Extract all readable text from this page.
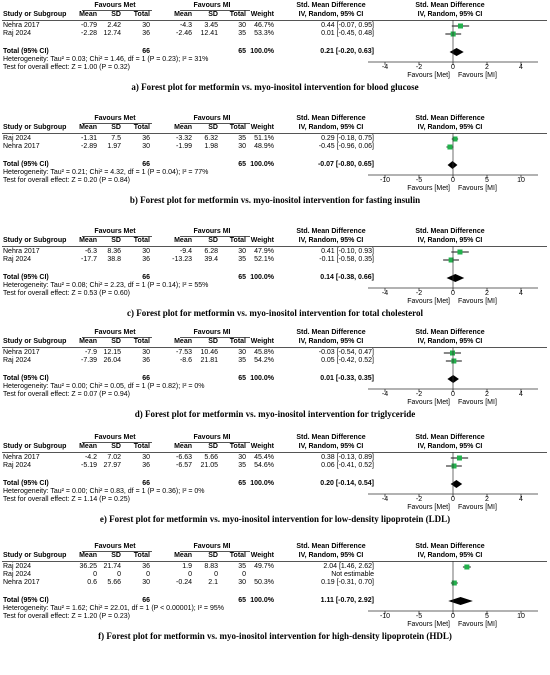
Favours Met	Favours MI	Std. Mean Difference	Std. Mean Difference
Study or Subgroup	Mean	SD	Total	Mean	SD	Total Weight	IV, Random, 95% CI	IV, Random, 95% CI
Nehra 2017	-0.79	2.42	30	-4.3	3.45	30	46.7%	0.44 [-0.07, 0.95]
Raj 2024	-2.28 12.74	36	-2.46	12.41	35	53.3%	0.01 [-0.45, 0.48]
Total (95% CI)	66	65 100.0%	0.21 [-0.20, 0.63]
Heterogeneity: Tau² = 0.03; Chi² = 1.46, df = 1 (P = 0.23); I² = 31%
Test for overall effect: Z = 1.00 (P = 0.32)	-4	-2	0	2	4
Favours [Met] Favours [MI]
a) Forest plot for metformin vs. myo-inositol intervention for blood glucose
Favours Met	Favours MI	Std. Mean Difference	Std. Mean Difference
Study or Subgroup	Mean	SD	Total	Mean	SD	Total Weight	IV, Random, 95% CI	IV, Random, 95% CI
Raj 2024	-1.31	7.5	36	-3.32	6.32	35	51.1%	0.29 [-0.18, 0.75]
Nehra 2017	-2.89	1.97	30	-1.99	1.98	30	48.9%	-0.45 [-0.96, 0.06]
Total (95% CI)	66	65 100.0%	-0.07 [-0.80, 0.65]
Heterogeneity: Tau² = 0.21; Chi² = 4.32, df = 1 (P = 0.04); I² = 77%
Test for overall effect: Z = 0.20 (P = 0.84)	-10	-5	0	5	10
Favours [Met] Favours [MI]
b) Forest plot for metformin vs. myo-inositol intervention for fasting insulin
Favours Met	Favours MI	Std. Mean Difference	Std. Mean Difference
Study or Subgroup	Mean	SD	Total	Mean	SD	Total Weight	IV, Random, 95% CI	IV, Random, 95% CI
Nehra 2017	-6.3	8.36	30	-9.4	6.28	30	47.9%	0.41 [-0.10, 0.93]
Raj 2024	-17.7	38.8	36	-13.23	39.4	35	52.1%	-0.11 [-0.58, 0.35]
Total (95% CI)	66	65 100.0%	0.14 [-0.38, 0.66]
Heterogeneity: Tau² = 0.08; Chi² = 2.23, df = 1 (P = 0.14); I² = 55%
Test for overall effect: Z = 0.53 (P = 0.60)	-4	-2	0	2	4
Favours [Met] Favours [MI]
c) Forest plot for metformin vs. myo-inositol intervention for total cholesterol
Favours Met	Favours MI	Std. Mean Difference	Std. Mean Difference
Study or Subgroup	Mean	SD	Total	Mean	SD	Total Weight	IV, Random, 95% CI	IV, Random, 95% CI
Nehra 2017	-7.9 12.15	30	-7.53	10.46	30	45.8%	-0.03 [-0.54, 0.47]
Raj 2024	-7.39 26.04	36	-8.6	21.81	35	54.2%	0.05 [-0.42, 0.52]
Total (95% CI)	66	65 100.0%	0.01 [-0.33, 0.35]
Heterogeneity: Tau² = 0.00; Chi² = 0.05, df = 1 (P = 0.82); I² = 0%
Test for overall effect: Z = 0.07 (P = 0.94)	-4	-2	0	2	4
Favours [Met] Favours [MI]
d) Forest plot for metformin vs. myo-inositol intervention for triglyceride
Favours Met	Favours MI	Std. Mean Difference	Std. Mean Difference
Study or Subgroup	Mean	SD	Total	Mean	SD	Total Weight	IV, Random, 95% CI	IV, Random, 95% CI
Nehra 2017	-4.2	7.02	30	-6.63	5.66	30	45.4%	0.38 [-0.13, 0.89]
Raj 2024	-5.19 27.97	36	-6.57	21.05	35	54.6%	0.06 [-0.41, 0.52]
Total (95% CI)	66	65 100.0%	0.20 [-0.14, 0.54]
Heterogeneity: Tau² = 0.00; Chi² = 0.83, df = 1 (P = 0.36); I² = 0%
Test for overall effect: Z = 1.14 (P = 0.25)	-4	-2	0	2	4
Favours [Met] Favours [MI]
e) Forest plot for metformin vs. myo-inositol intervention for low-density lipoprotein (LDL)
Favours Met	Favours MI	Std. Mean Difference	Std. Mean Difference
Study or Subgroup	Mean	SD	Total	Mean	SD	Total Weight	IV, Random, 95% CI	IV, Random, 95% CI
Raj 2024	36.25 21.74	36	1.9	8.83	35	49.7%	2.04 [1.46, 2.62]
Raj 2024	0	0	0	0	0	0	Not estimable
Nehra 2017	0.6	5.66	30	-0.24	2.1	30	50.3%	0.19 [-0.31, 0.70]
Total (95% CI)	66	65 100.0%	1.11 [-0.70, 2.92]
Heterogeneity: Tau² = 1.62; Chi² = 22.01, df = 1 (P < 0.00001); I² = 95%
Test for overall effect: Z = 1.20 (P = 0.23)	-10	-5	0	5	10
Favours [Met] Favours [MI]
f) Forest plot for metformin vs. myo-inositol intervention for high-density lipoprotein (HDL)
